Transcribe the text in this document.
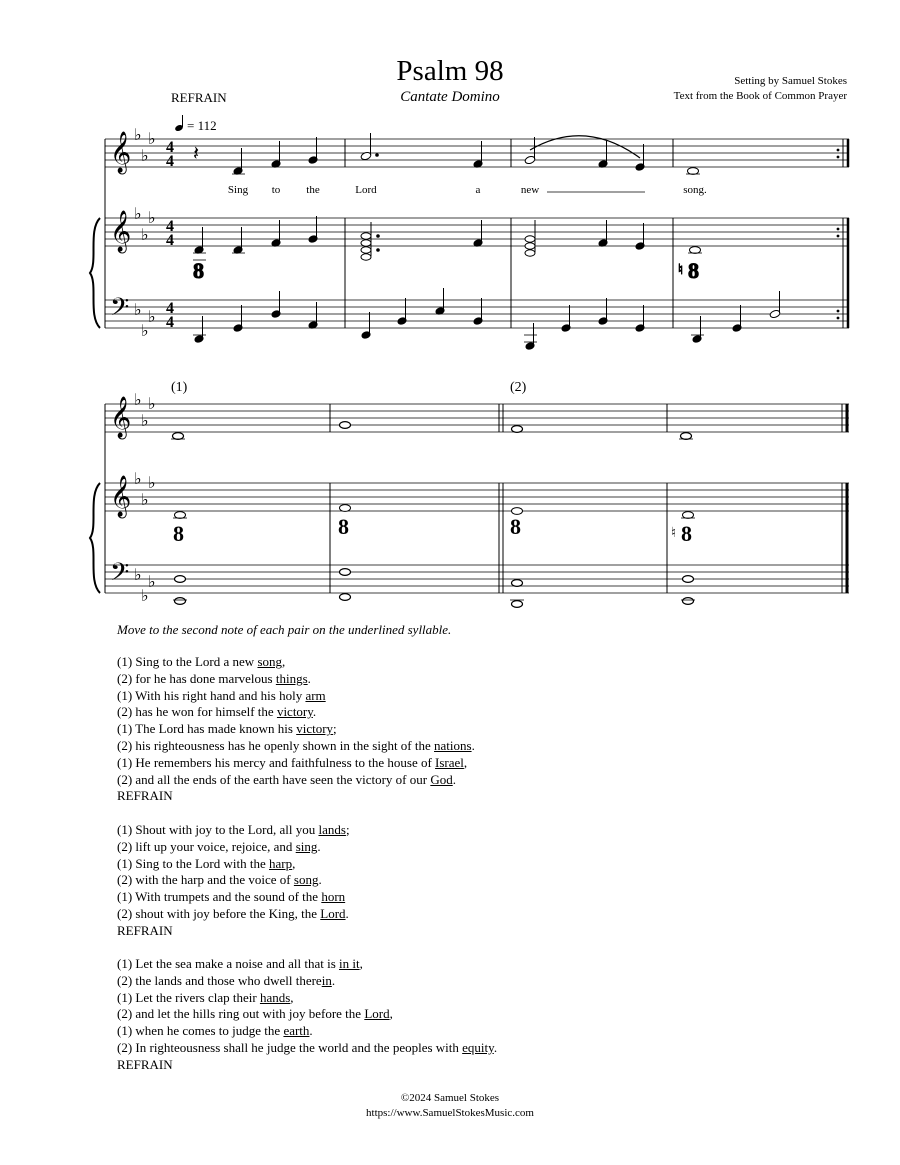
Psalm 98
Cantate Domino
REFRAIN
Setting by Samuel Stokes
Text from the Book of Common Prayer
= 112
𝄞
𝄞
𝄢
♭
♭
♭
♭
♭
♭
♭
♭
♭
4
4
4
4
4
4
𝄽
Sing to the	Lord	a	new	song.
8	8
♮
𝄞
𝄞
𝄢
♭
♭
♭
♭
♭
♭
♭
♭
♭
(1)	(2)
8	8	8	8
♮
Move to the second note of each pair on the underlined syllable.
(1) Sing to the Lord a new song,
(2) for he has done marvelous things.
(1) With his right hand and his holy arm
(2) has he won for himself the victory.
(1) The Lord has made known his victory;
(2) his righteousness has he openly shown in the sight of the nations.
(1) He remembers his mercy and faithfulness to the house of Israel,
(2) and all the ends of the earth have seen the victory of our God.
REFRAIN
(1) Shout with joy to the Lord, all you lands;
(2) lift up your voice, rejoice, and sing.
(1) Sing to the Lord with the harp,
(2) with the harp and the voice of song.
(1) With trumpets and the sound of the horn
(2) shout with joy before the King, the Lord.
REFRAIN
(1) Let the sea make a noise and all that is in it,
(2) the lands and those who dwell therein.
(1) Let the rivers clap their hands,
(2) and let the hills ring out with joy before the Lord,
(1) when he comes to judge the earth.
(2) In righteousness shall he judge the world and the peoples with equity.
REFRAIN
©2024 Samuel Stokes
https://www.SamuelStokesMusic.com
